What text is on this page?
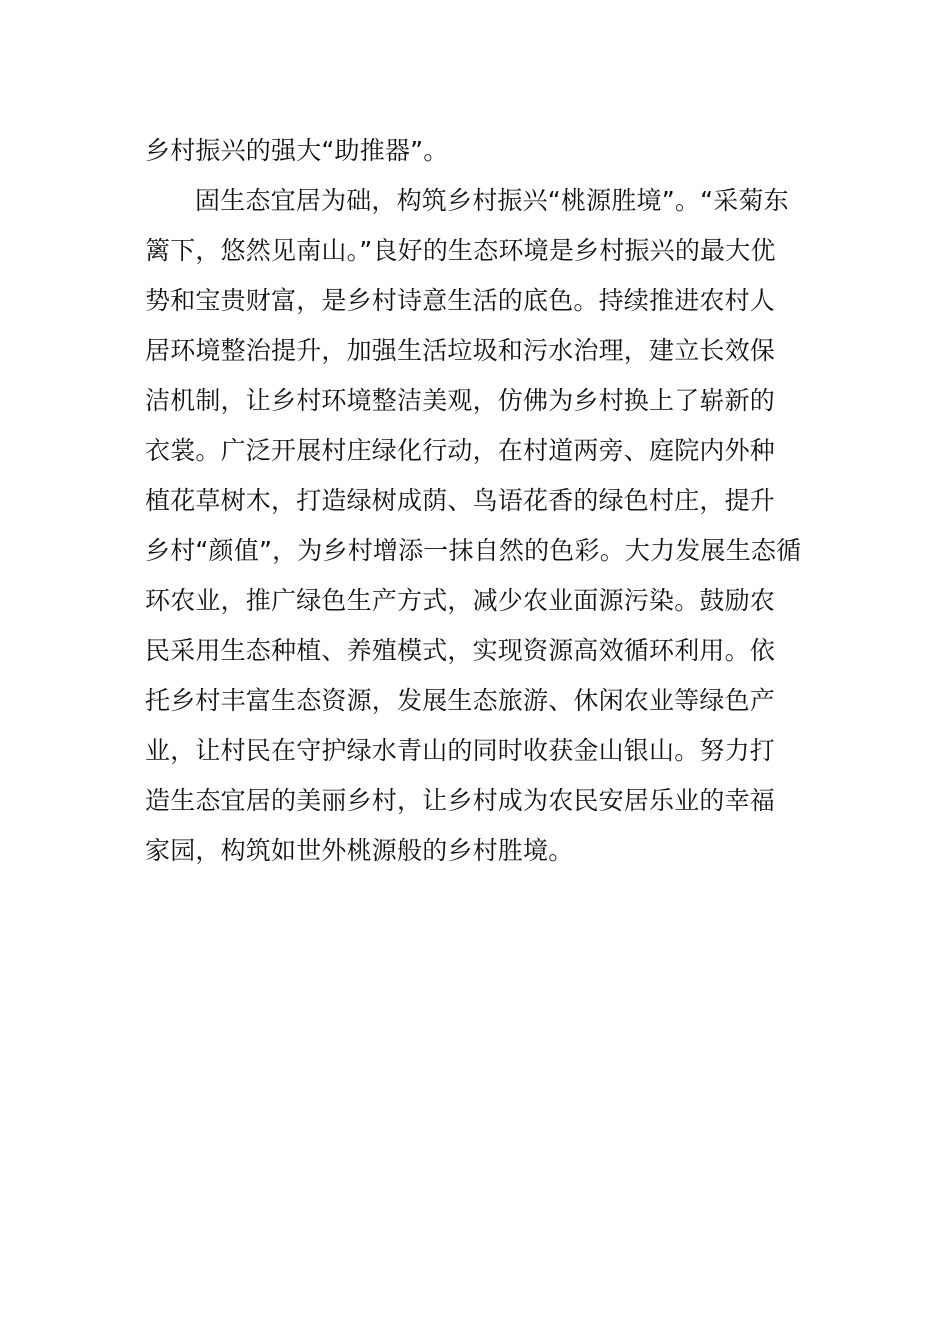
乡村振兴的强大“助推器”。
固生态宜居为础，构筑乡村振兴“桃源胜境”。“采菊东
篱下，悠然见南山。”良好的生态环境是乡村振兴的最大优
势和宝贵财富，是乡村诗意生活的底色。持续推进农村人
居环境整治提升，加强生活垃圾和污水治理，建立长效保
洁机制，让乡村环境整洁美观，仿佛为乡村换上了崭新的
衣裳。广泛开展村庄绿化行动，在村道两旁、庭院内外种
植花草树木，打造绿树成荫、鸟语花香的绿色村庄，提升
乡村“颜值”，为乡村增添一抹自然的色彩。大力发展生态循
环农业，推广绿色生产方式，减少农业面源污染。鼓励农
民采用生态种植、养殖模式，实现资源高效循环利用。依
托乡村丰富生态资源，发展生态旅游、休闲农业等绿色产
业，让村民在守护绿水青山的同时收获金山银山。努力打
造生态宜居的美丽乡村，让乡村成为农民安居乐业的幸福
家园，构筑如世外桃源般的乡村胜境。
